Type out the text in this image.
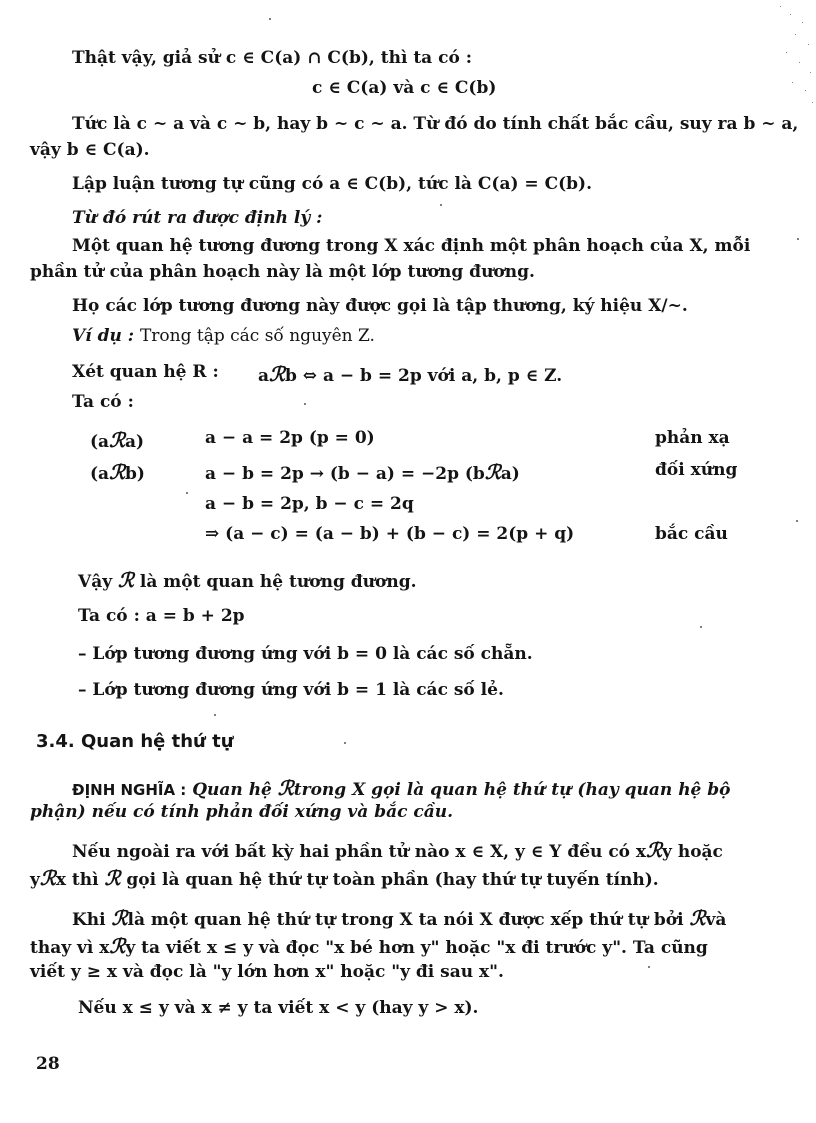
Thật vậy, giả sử c ∈ C(a) ∩ C(b), thì ta có :
c ∈ C(a) và c ∈ C(b)
Tức là c ~ a và c ~ b, hay b ~ c ~ a. Từ đó do tính chất bắc cầu, suy ra b ~ a,
vậy b ∈ C(a).
Lập luận tương tự cũng có a ∈ C(b), tức là C(a) = C(b).
Từ đó rút ra được định lý :
Một quan hệ tương đương trong X xác định một phân hoạch của X, mỗi
phần tử của phân hoạch này là một lớp tương đương.
Họ các lớp tương đương này được gọi là tập thương, ký hiệu X/~.
Ví dụ : Trong tập các số nguyên Z.
Xét quan hệ R : aℛb ⇔ a − b = 2p với a, b, p ∈ Z.
Ta có :
(aℛa)	a − a = 2p (p = 0)	phản xạ
(aℛb)	a − b = 2p → (b − a) = −2p (bℛa)	đối xứng
a − b = 2p, b − c = 2q
⇒ (a − c) = (a − b) + (b − c) = 2(p + q)	bắc cầu
Vậy ℛ là một quan hệ tương đương.
Ta có : a = b + 2p
– Lớp tương đương ứng với b = 0 là các số chẵn.
– Lớp tương đương ứng với b = 1 là các số lẻ.
3.4. Quan hệ thứ tự
ĐỊNH NGHĨA : Quan hệ ℛtrong X gọi là quan hệ thứ tự (hay quan hệ bộ
phận) nếu có tính phản đối xứng và bắc cầu.
Nếu ngoài ra với bất kỳ hai phần tử nào x ∈ X, y ∈ Y đều có xℛy hoặc
yℛx thì ℛ gọi là quan hệ thứ tự toàn phần (hay thứ tự tuyến tính).
Khi ℛlà một quan hệ thứ tự trong X ta nói X được xếp thứ tự bởi ℛvà
thay vì xℛy ta viết x ≤ y và đọc "x bé hơn y" hoặc "x đi trước y". Ta cũng
viết y ≥ x và đọc là "y lớn hơn x" hoặc "y đi sau x".
Nếu x ≤ y và x ≠ y ta viết x < y (hay y > x).
28
